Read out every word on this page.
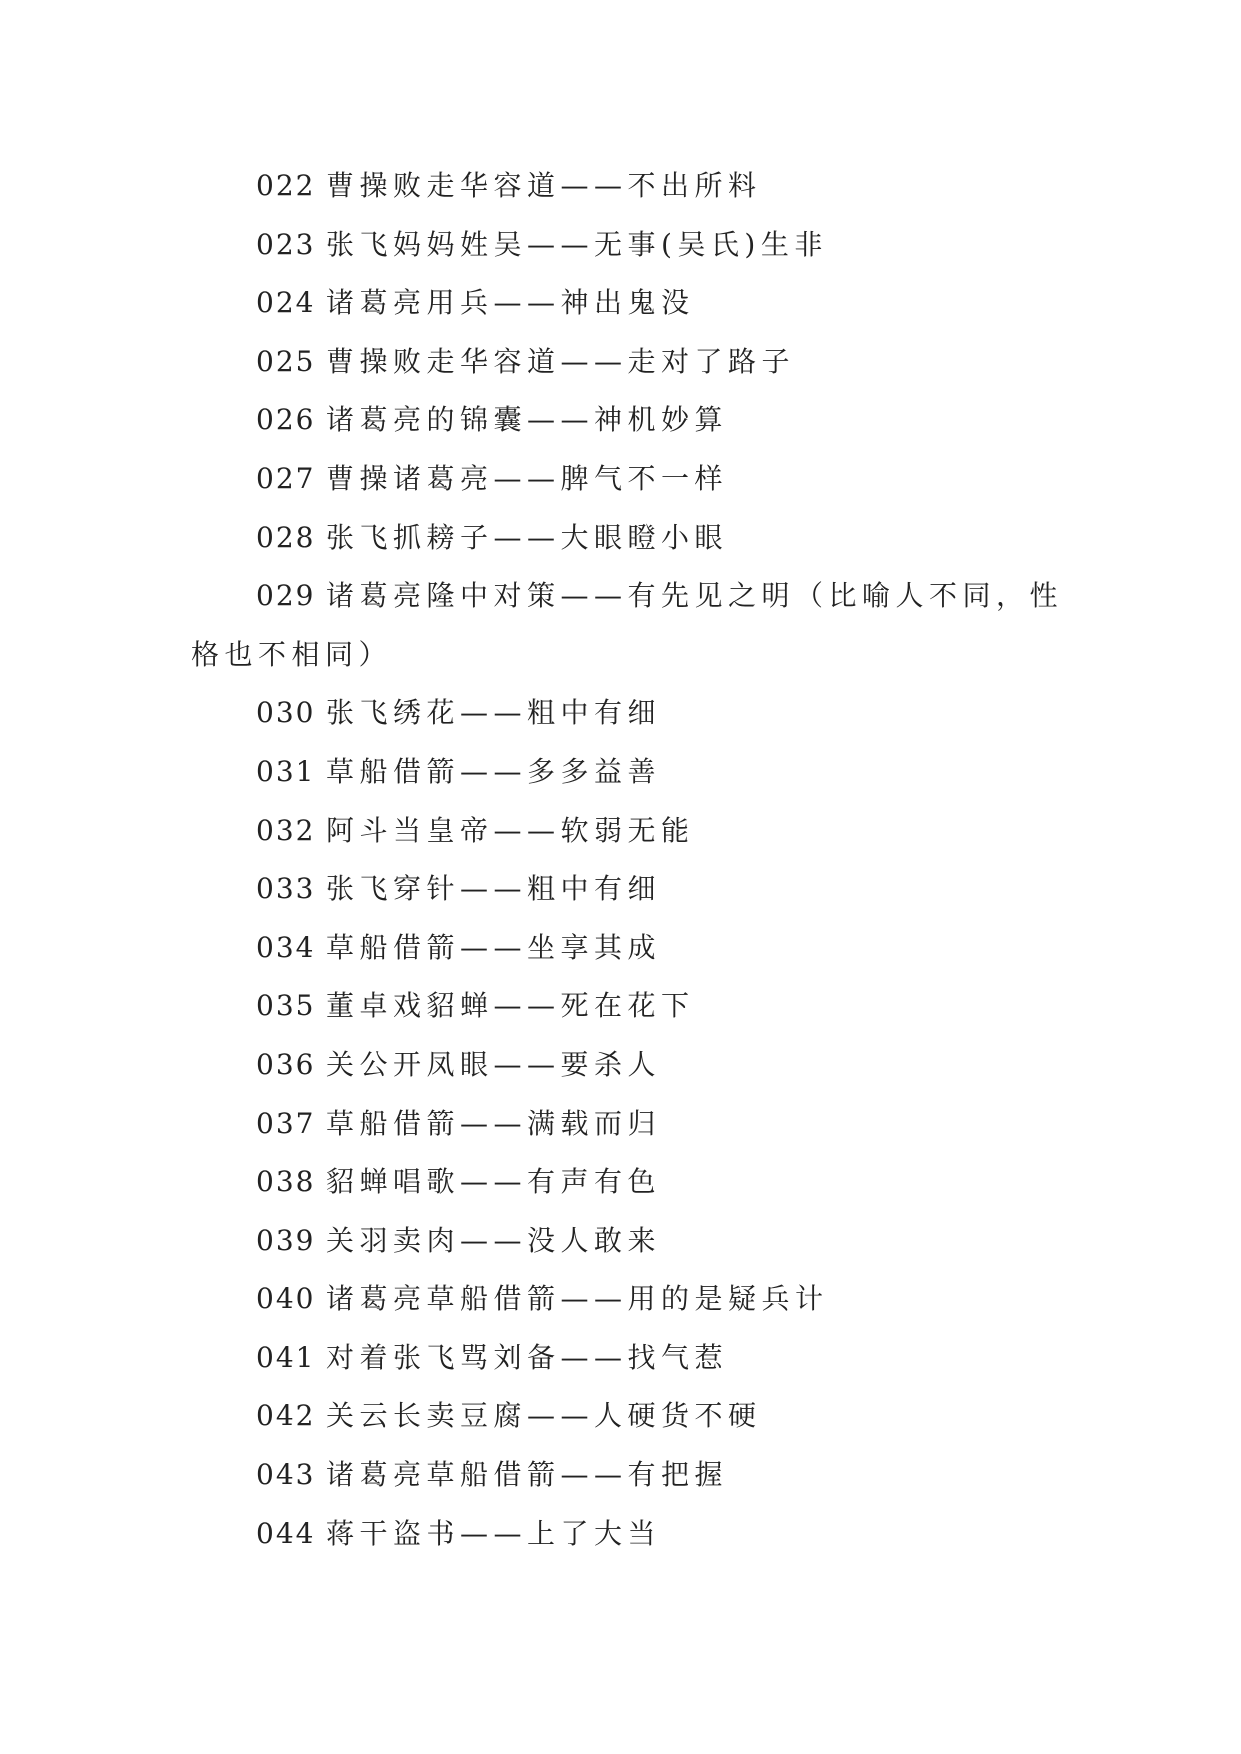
022 曹操败走华容道——不出所料
023 张飞妈妈姓吴——无事(吴氏)生非
024 诸葛亮用兵——神出鬼没
025 曹操败走华容道——走对了路子
026 诸葛亮的锦囊——神机妙算
027 曹操诸葛亮——脾气不一样
028 张飞抓耪子——大眼瞪小眼
029 诸葛亮隆中对策——有先见之明（比喻人不同，性
格也不相同）
030 张飞绣花——粗中有细
031 草船借箭——多多益善
032 阿斗当皇帝——软弱无能
033 张飞穿针——粗中有细
034 草船借箭——坐享其成
035 董卓戏貂蝉——死在花下
036 关公开凤眼——要杀人
037 草船借箭——满载而归
038 貂蝉唱歌——有声有色
039 关羽卖肉——没人敢来
040 诸葛亮草船借箭——用的是疑兵计
041 对着张飞骂刘备——找气惹
042 关云长卖豆腐——人硬货不硬
043 诸葛亮草船借箭——有把握
044 蒋干盗书——上了大当
